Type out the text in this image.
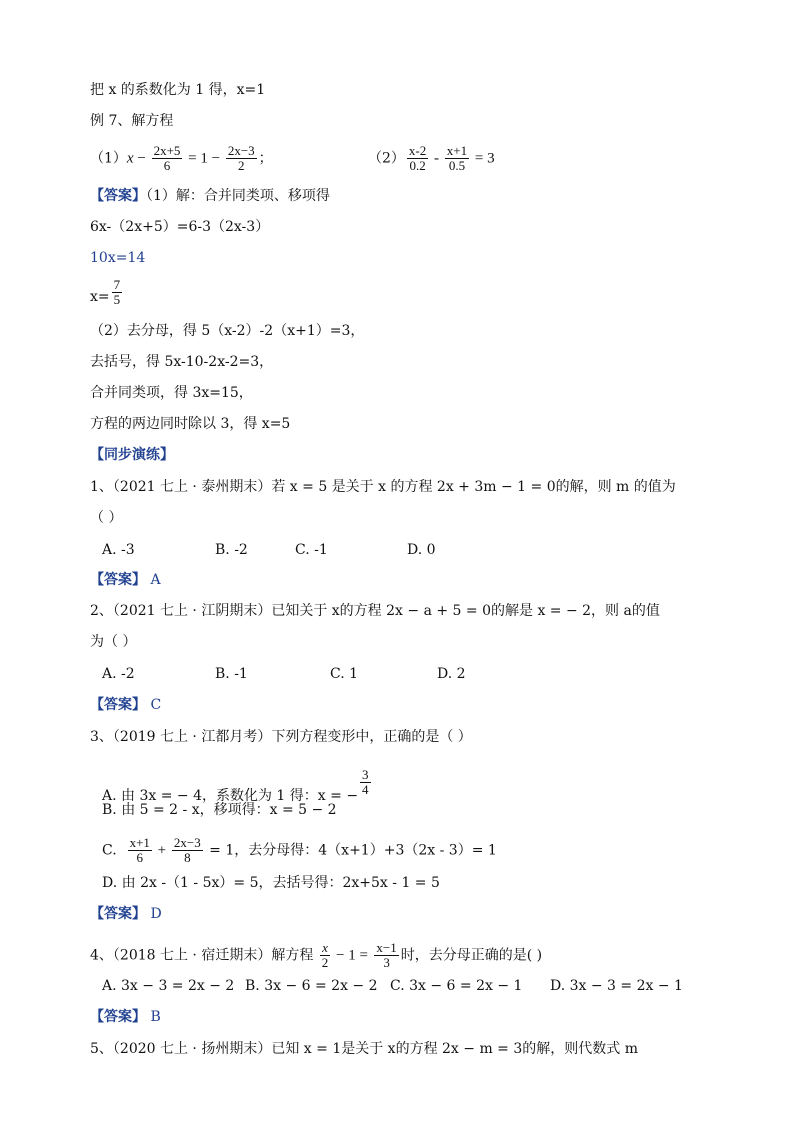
把 x 的系数化为 1 得，x=1
例 7、解方程
$(1)x - \frac{2x+5}{6} = 1 - \frac{2x-3}{2}$ ；	$(2) \frac{x-2}{0.2} - \frac{x+1}{0.5} = 3$
【答案】（1）解：合并同类项、移项得
6x-（2x+5）=6-3（2x-3）
10x=14
$x= \frac{7}{5}$
（2）去分母，得 5（x-2）-2（x+1）=3，
去括号，得 5x-10-2x-2=3，
合并同类项，得 3x=15，
方程的两边同时除以 3，得 x=5
【同步演练】
1、（2021 七上 · 泰州期末）若 x = 5 是关于 x 的方程 2x + 3m − 1 = 0的解，则 m 的值为
（ ）
A. -3	B. -2	C. -1	D. 0
【答案】 A
2、（2021 七上 · 江阴期末）已知关于 x的方程 2x − a + 5 = 0的解是 x = − 2，则 a的值
为（ ）
A. -2	B. -1	C. 1	D. 2
【答案】 C
3、（2019 七上 · 江都月考）下列方程变形中，正确的是（ ）
A. 由 3x = − 4，系数化为 1 得：x = − $\frac{3}{4}$
B. 由 5 = 2 - x，移项得：x = 5 − 2
C. $\frac{x+1}{6} + \frac{2x-3}{8} = 1$，去分母得：4（x+1）+3（2x - 3）= 1
D. 由 2x -（1 - 5x）= 5，去括号得：2x+5x - 1 = 5
【答案】 D
4、（2018 七上 · 宿迁期末）解方程 $\frac{x}{2} - 1 = \frac{x-1}{3}$ 时，去分母正确的是( )
A. 3x − 3 = 2x − 2 B. 3x − 6 = 2x − 2 C. 3x − 6 = 2x − 1 D. 3x − 3 = 2x − 1
【答案】 B
5、（2020 七上 · 扬州期末）已知 x = 1是关于 x的方程 2x − m = 3的解，则代数式 m
